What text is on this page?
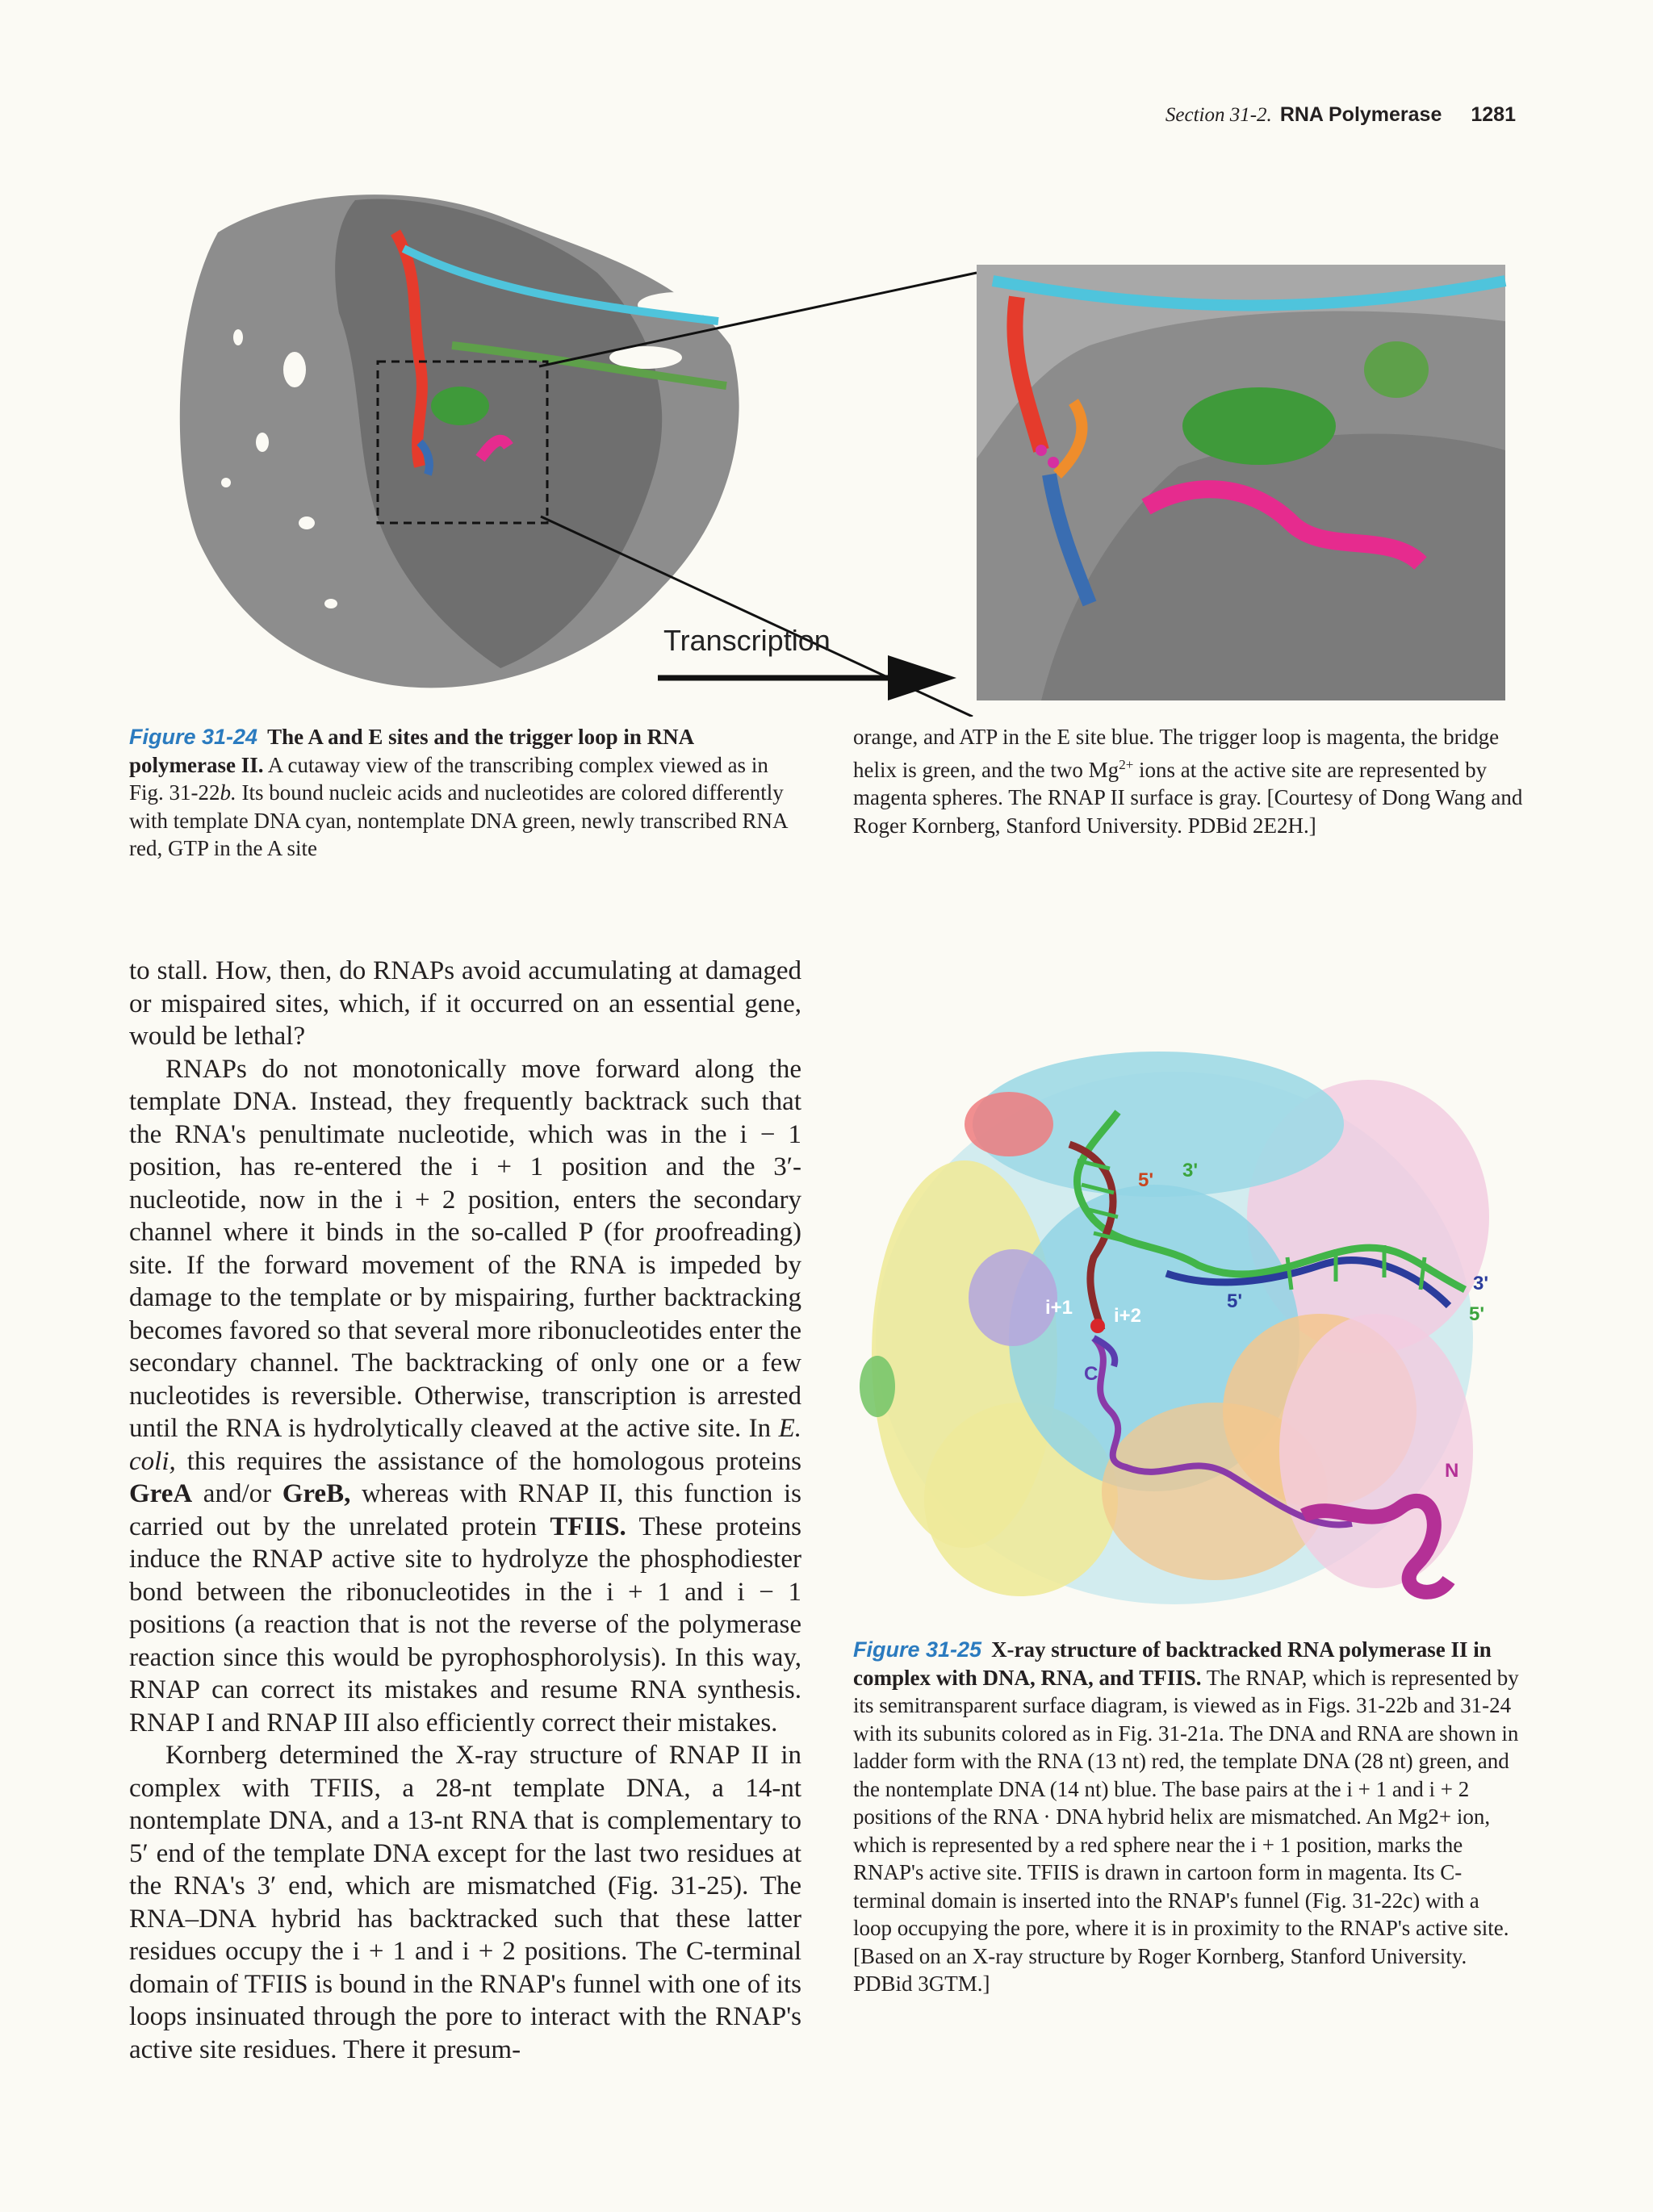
Section 31-2. RNA Polymerase 1281
Transcription
Figure 31-24 The A and E sites and the trigger loop in RNA polymerase II. A cutaway view of the transcribing complex viewed as in Fig. 31-22b. Its bound nucleic acids and nucleotides are colored differently with template DNA cyan, nontemplate DNA green, newly transcribed RNA red, GTP in the A site
orange, and ATP in the E site blue. The trigger loop is magenta, the bridge helix is green, and the two $Mg^{2+}$ ions at the active site are represented by magenta spheres. The RNAP II surface is gray. [Courtesy of Dong Wang and Roger Kornberg, Stanford University. PDBid 2E2H.]

to stall. How, then, do RNAPs avoid accumulating at damaged or mispaired sites, which, if it occurred on an essential gene, would be lethal?

RNAPs do not monotonically move forward along the template DNA. Instead, they frequently backtrack such that the RNA's penultimate nucleotide, which was in the i − 1 position, has re-entered the i + 1 position and the 3′-nucleotide, now in the i + 2 position, enters the secondary channel where it binds in the so-called P (for proofreading) site. If the forward movement of the RNA is impeded by damage to the template or by mispairing, further backtracking becomes favored so that several more ribonucleotides enter the secondary channel. The backtracking of only one or a few nucleotides is reversible. Otherwise, transcription is arrested until the RNA is hydrolytically cleaved at the active site. In E. coli, this requires the assistance of the homologous proteins GreA and/or GreB, whereas with RNAP II, this function is carried out by the unrelated protein TFIIS. These proteins induce the RNAP active site to hydrolyze the phosphodiester bond between the ribonucleotides in the i + 1 and i − 1 positions (a reaction that is not the reverse of the polymerase reaction since this would be pyrophosphorolysis). In this way, RNAP can correct its mistakes and resume RNA synthesis. RNAP I and RNAP III also efficiently correct their mistakes.

Kornberg determined the X-ray structure of RNAP II in complex with TFIIS, a 28-nt template DNA, a 14-nt nontemplate DNA, and a 13-nt RNA that is complementary to 5′ end of the template DNA except for the last two residues at the RNA's 3′ end, which are mismatched (Fig. 31-25). The RNA–DNA hybrid has backtracked such that these latter residues occupy the i + 1 and i + 2 positions. The C-terminal domain of TFIIS is bound in the RNAP's funnel with one of its loops insinuated through the pore to interact with the RNAP's active site residues. There it presum-

5' 3'
3'
5'
5'
i+1 i+2
C
N
Figure 31-25 X-ray structure of backtracked RNA polymerase II in complex with DNA, RNA, and TFIIS. The RNAP, which is represented by its semitransparent surface diagram, is viewed as in Figs. 31-22b and 31-24 with its subunits colored as in Fig. 31-21a. The DNA and RNA are shown in ladder form with the RNA (13 nt) red, the template DNA (28 nt) green, and the nontemplate DNA (14 nt) blue. The base pairs at the i + 1 and i + 2 positions of the RNA · DNA hybrid helix are mismatched. An Mg2+ ion, which is represented by a red sphere near the i + 1 position, marks the RNAP's active site. TFIIS is drawn in cartoon form in magenta. Its C-terminal domain is inserted into the RNAP's funnel (Fig. 31-22c) with a loop occupying the pore, where it is in proximity to the RNAP's active site. [Based on an X-ray structure by Roger Kornberg, Stanford University. PDBid 3GTM.]
